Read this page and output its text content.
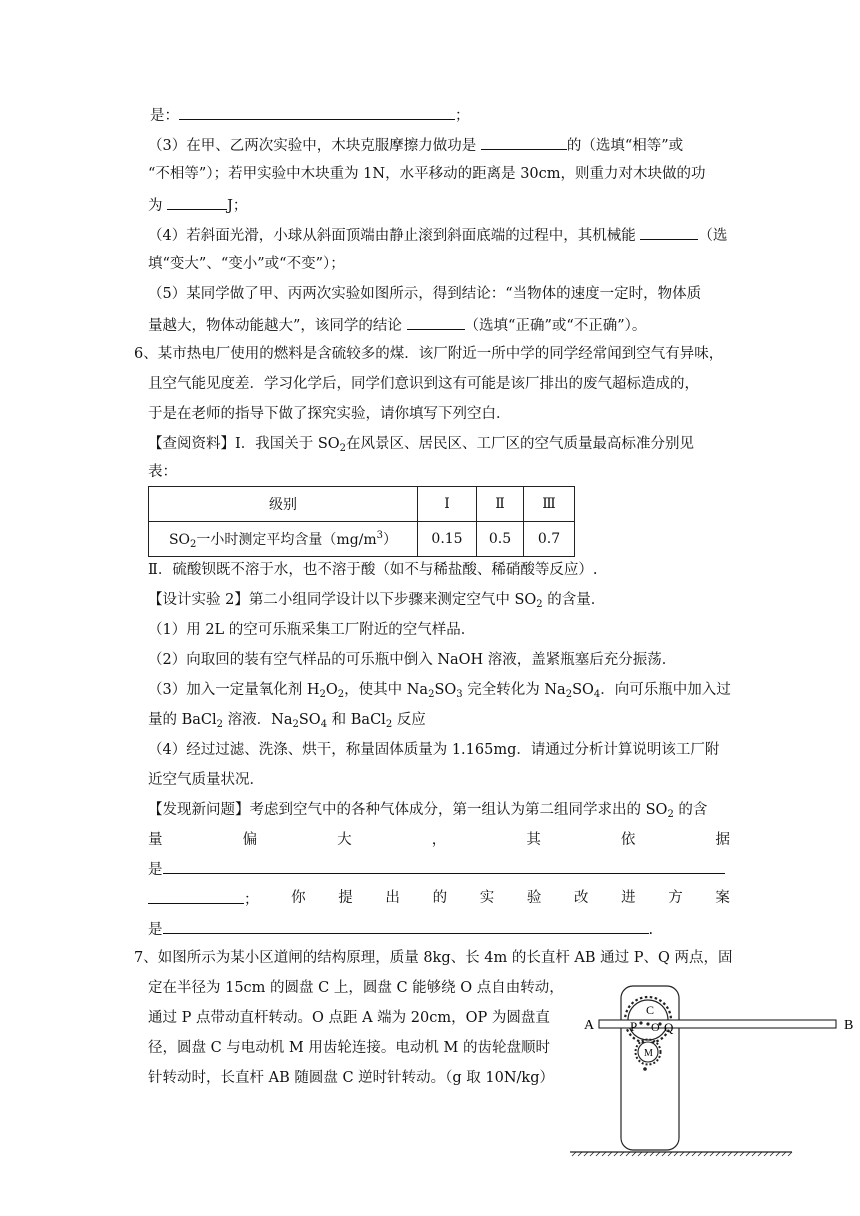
是：	；
（3）在甲、乙两次实验中，木块克服摩擦力做功是	的（选填“相等”或
“不相等”）；若甲实验中木块重为 1N，水平移动的距离是 30cm，则重力对木块做的功
为	J；
（4）若斜面光滑，小球从斜面顶端由静止滚到斜面底端的过程中，其机械能	（选
填“变大”、“变小”或“不变”）；
（5）某同学做了甲、丙两次实验如图所示，得到结论：“当物体的速度一定时，物体质
量越大，物体动能越大”，该同学的结论	（选填“正确”或“不正确”）。
6、某市热电厂使用的燃料是含硫较多的煤．该厂附近一所中学的同学经常闻到空气有异味，
且空气能见度差．学习化学后，同学们意识到这有可能是该厂排出的废气超标造成的，
于是在老师的指导下做了探究实验，请你填写下列空白．
【查阅资料】Ⅰ．我国关于 $SO_2$在风景区、居民区、工厂区的空气质量最高标准分别见
表：
级别	Ⅰ	Ⅱ	Ⅲ
$SO_2$一小时测定平均含量$(mg/m^3)$	0.15	0.5	0.7
Ⅱ．硫酸钡既不溶于水，也不溶于酸（如不与稀盐酸、稀硝酸等反应）.
【设计实验 2】第二小组同学设计以下步骤来测定空气中 $SO_2$ 的含量．
（1）用 2L 的空可乐瓶采集工厂附近的空气样品．
（2）向取回的装有空气样品的可乐瓶中倒入 NaOH 溶液，盖紧瓶塞后充分振荡．
（3）加入一定量氧化剂 $H_2O_2$，使其中 $Na_2SO_3$ 完全转化为 $Na_2SO_4$．向可乐瓶中加入过
量的 BaCl$_2$ 溶液．$Na_2SO_4$ 和 BaCl$_2$ 反应
（4）经过过滤、洗涤、烘干，称量固体质量为 1.165mg．请通过分析计算说明该工厂附
近空气质量状况．
【发现新问题】考虑到空气中的各种气体成分，第一组认为第二组同学求出的 $SO_2$ 的含
量	偏	大	，	其	依	据
是
； 你 提 出 的 实 验 改 进 方 案
是	.
7、如图所示为某小区道闸的结构原理，质量 8kg、长 4m 的长直杆 AB 通过 P、Q 两点，固
定在半径为 15cm 的圆盘 C 上，圆盘 C 能够绕 O 点自由转动，
通过 P 点带动直杆转动。O 点距 A 端为 20cm，OP 为圆盘直
径，圆盘 C 与电动机 M 用齿轮连接。电动机 M 的齿轮盘顺时
针转动时，长直杆 AB 随圆盘 C 逆时针转动。（g 取 10N/kg）
A	B
P
C
O Q
M
